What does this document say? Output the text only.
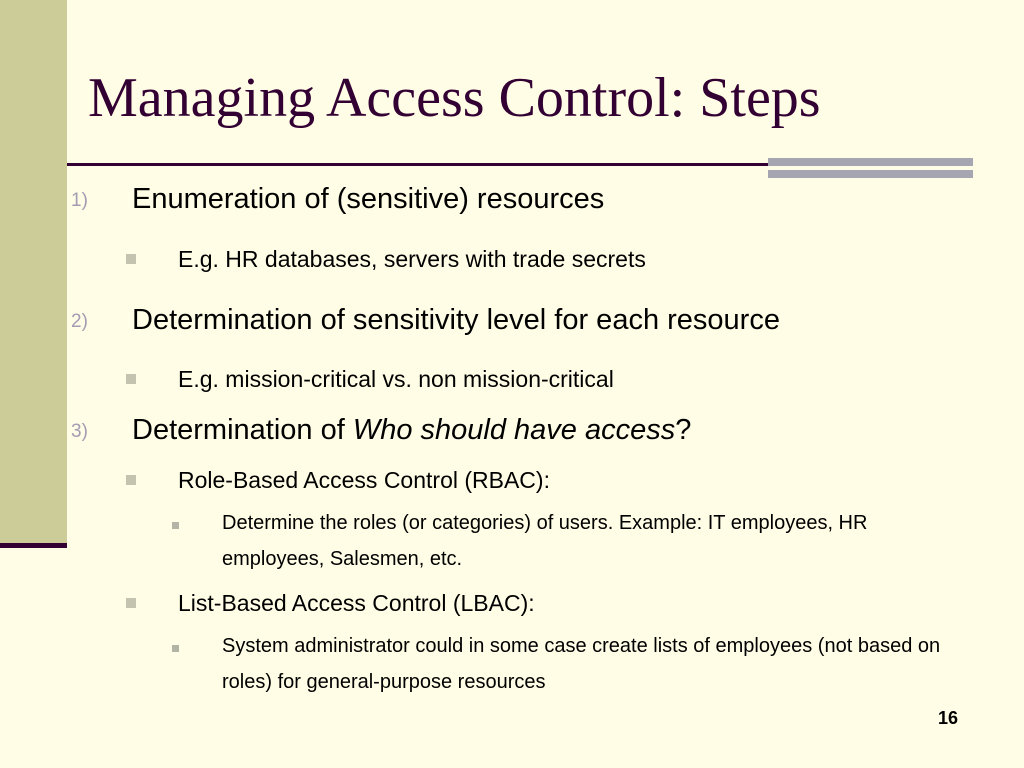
Managing Access Control: Steps
1) Enumeration of (sensitive) resources
E.g. HR databases, servers with trade secrets
2) Determination of sensitivity level for each resource
E.g. mission-critical vs. non mission-critical
3) Determination of Who should have access?
Role-Based Access Control (RBAC):
Determine the roles (or categories) of users. Example: IT employees, HR employees, Salesmen, etc.
List-Based Access Control (LBAC):
System administrator could in some case create lists of employees (not based on roles) for general-purpose resources
16
